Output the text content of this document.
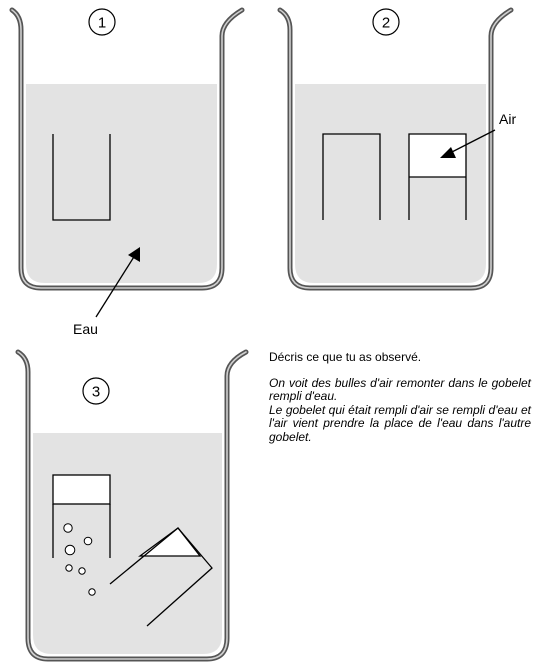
1
Eau
2
Air
3

Décris ce que tu as observé.

On voit des bulles d'air remonter dans le gobelet rempli d'eau.

Le gobelet qui était rempli d'air se rempli d'eau et l'air vient prendre la place de l'eau dans l'autre gobelet.
